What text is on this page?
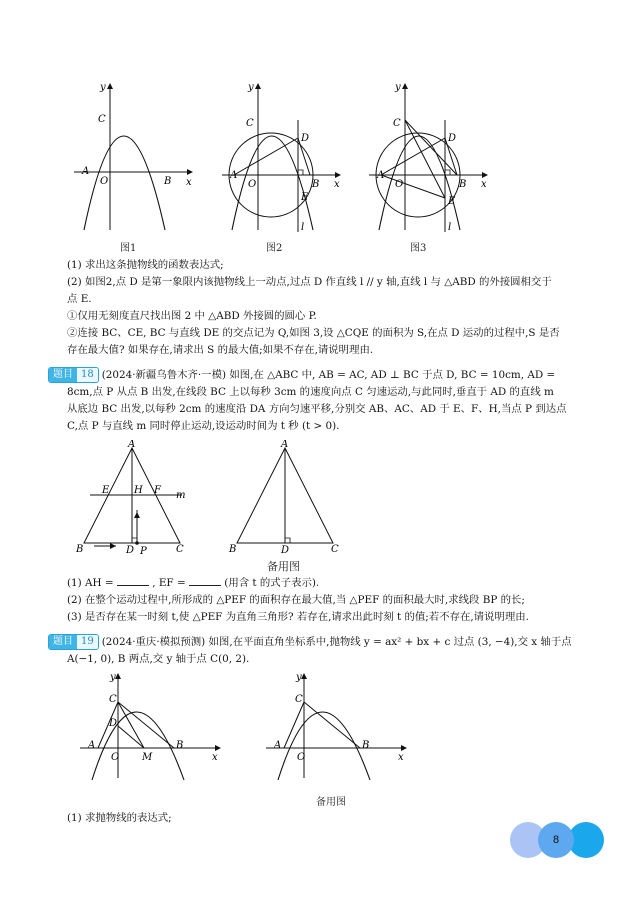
y
x
C
A
O	B
图1
y
x
C
D
A
O	B
E
l
图2
y
x
C
D
A
O	B
E
l
图3
(1) 求出这条抛物线的函数表达式;
(2) 如图2,点 D 是第一象限内该抛物线上一动点,过点 D 作直线 l // y 轴,直线 l 与 △ABD 的外接圆相交于
点 E.
①仅用无刻度直尺找出图 2 中 △ABD 外接圆的圆心 P.
②连接 BC、CE, BC 与直线 DE 的交点记为 Q,如图 3,设 △CQE 的面积为 S,在点 D 运动的过程中,S 是否
存在最大值? 如果存在,请求出 S 的最大值;如果不存在,请说明理由.
题目 18 (2024·新疆乌鲁木齐·一模) 如图,在 △ABC 中, AB = AC, AD ⊥ BC 于点 D, BC = 10cm, AD =
8cm,点 P 从点 B 出发,在线段 BC 上以每秒 3cm 的速度向点 C 匀速运动,与此同时,垂直于 AD 的直线 m
从底边 BC 出发,以每秒 2cm 的速度沿 DA 方向匀速平移,分别交 AB、AC、AD 于 E、F、H,当点 P 到达点
C,点 P 与直线 m 同时停止运动,设运动时间为 t 秒 (t > 0).
A
E H F m
B	D P	C
A
B	D	C
备用图
(1) AH =	, EF =	(用含 t 的式子表示).
(2) 在整个运动过程中,所形成的 △PEF 的面积存在最大值,当 △PEF 的面积最大时,求线段 BP 的长;
(3) 是否存在某一时刻 t,使 △PEF 为直角三角形? 若存在,请求出此时刻 t 的值;若不存在,请说明理由.
题目 19 (2024·重庆·模拟预测) 如图,在平面直角坐标系中,抛物线 y = ax² + bx + c 过点 (3, −4),交 x 轴于点
A(−1, 0), B 两点,交 y 轴于点 C(0, 2).
y
x
C
D
A
O M
B
y
x
C
A
O
B
备用图
(1) 求抛物线的表达式;
8
